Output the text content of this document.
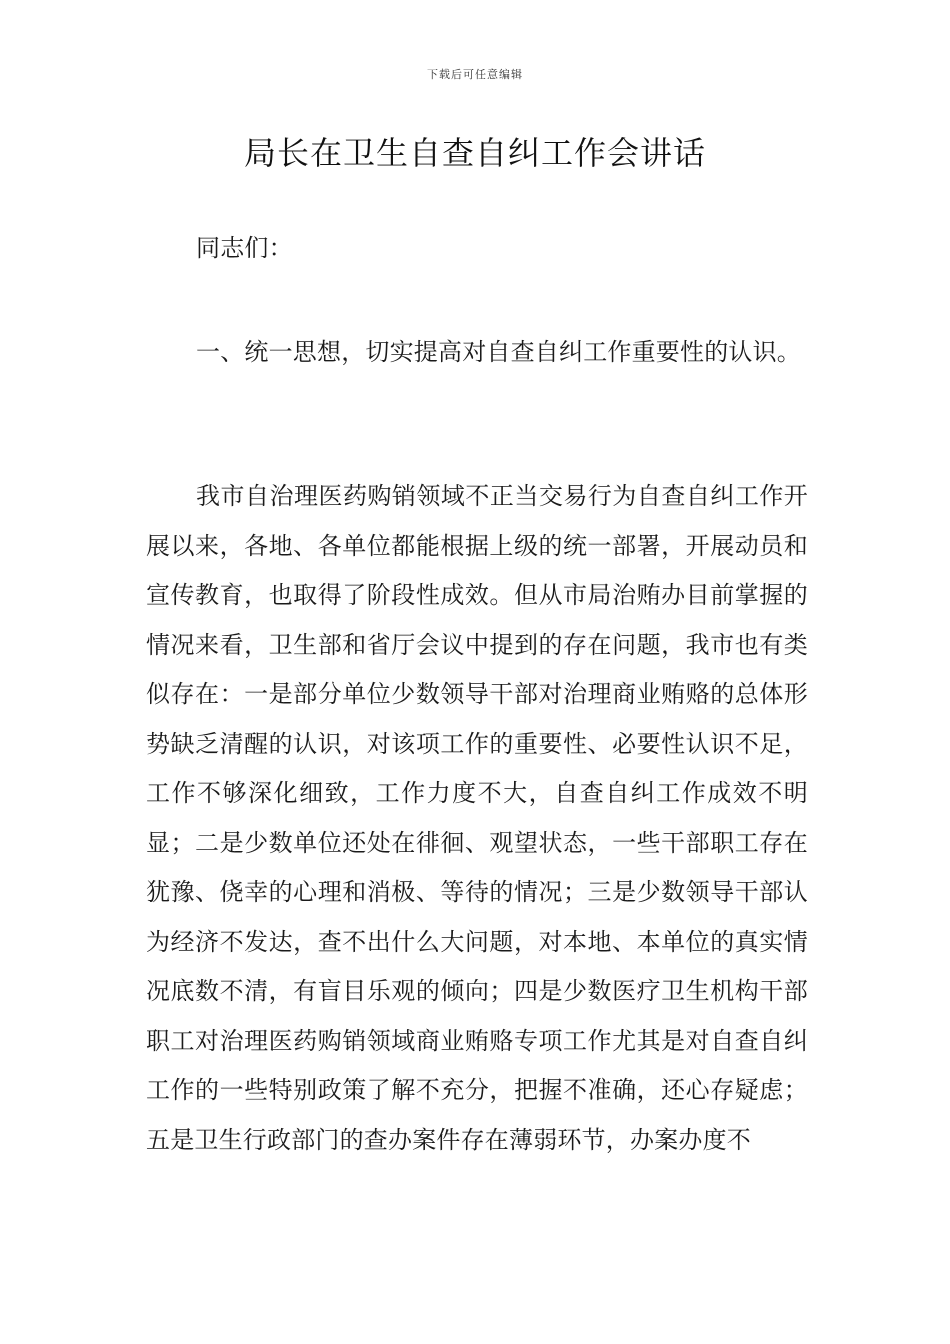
下载后可任意编辑
局长在卫生自查自纠工作会讲话

同志们：

一、统一思想，切实提高对自查自纠工作重要性的认识。

我市自治理医药购销领域不正当交易行为自查自纠工作开展以来，各地、各单位都能根据上级的统一部署，开展动员和宣传教育，也取得了阶段性成效。但从市局治贿办目前掌握的情况来看，卫生部和省厅会议中提到的存在问题，我市也有类似存在：一是部分单位少数领导干部对治理商业贿赂的总体形势缺乏清醒的认识，对该项工作的重要性、必要性认识不足，工作不够深化细致，工作力度不大，自查自纠工作成效不明显；二是少数单位还处在徘徊、观望状态，一些干部职工存在犹豫、侥幸的心理和消极、等待的情况；三是少数领导干部认为经济不发达，查不出什么大问题，对本地、本单位的真实情况底数不清，有盲目乐观的倾向；四是少数医疗卫生机构干部职工对治理医药购销领域商业贿赂专项工作尤其是对自查自纠工作的一些特别政策了解不充分，把握不准确，还心存疑虑；五是卫生行政部门的查办案件存在薄弱环节，办案办度不
